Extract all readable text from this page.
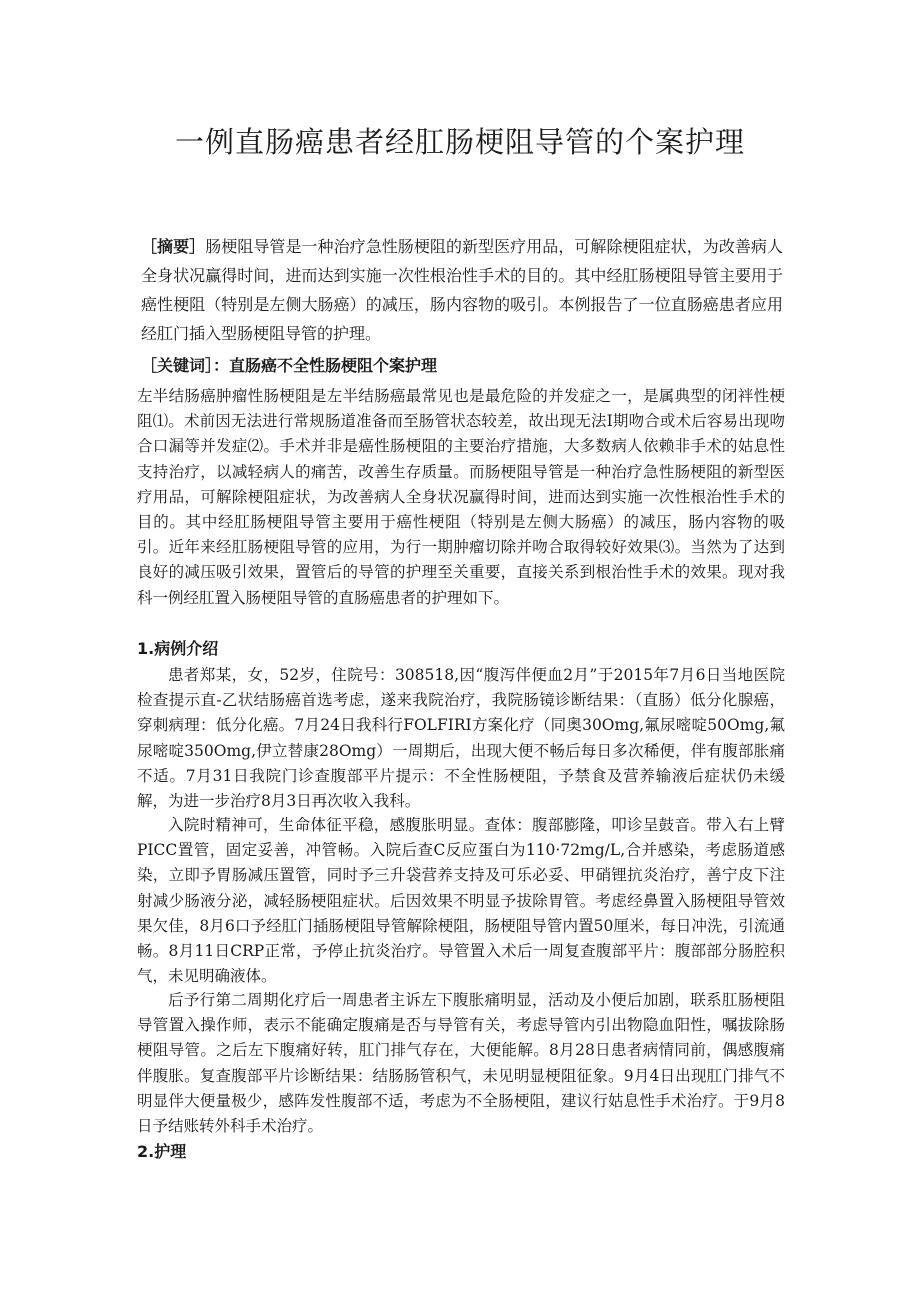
一例直肠癌患者经肛肠梗阻导管的个案护理

［摘要］肠梗阻导管是一种治疗急性肠梗阻的新型医疗用品，可解除梗阻症状，为改善病人全身状况赢得时间，进而达到实施一次性根治性手术的目的。其中经肛肠梗阻导管主要用于癌性梗阻（特别是左侧大肠癌）的减压，肠内容物的吸引。本例报告了一位直肠癌患者应用经肛门插入型肠梗阻导管的护理。

［关键词］：直肠癌不全性肠梗阻个案护理

左半结肠癌肿瘤性肠梗阻是左半结肠癌最常见也是最危险的并发症之一，是属典型的闭袢性梗阻⑴。术前因无法进行常规肠道准备而至肠管状态较差，故出现无法Ⅰ期吻合或术后容易出现吻合口漏等并发症⑵。手术并非是癌性肠梗阻的主要治疗措施，大多数病人依赖非手术的姑息性支持治疗，以减轻病人的痛苦，改善生存质量。而肠梗阻导管是一种治疗急性肠梗阻的新型医疗用品，可解除梗阻症状，为改善病人全身状况赢得时间，进而达到实施一次性根治性手术的目的。其中经肛肠梗阻导管主要用于癌性梗阻（特别是左侧大肠癌）的减压，肠内容物的吸引。近年来经肛肠梗阻导管的应用，为行一期肿瘤切除并吻合取得较好效果⑶。当然为了达到良好的减压吸引效果，置管后的导管的护理至关重要，直接关系到根治性手术的效果。现对我科一例经肛置入肠梗阻导管的直肠癌患者的护理如下。

1.病例介绍

患者郑某，女，52岁，住院号：308518,因“腹泻伴便血2月”于2015年7月6日当地医院检查提示直-乙状结肠癌首选考虑，遂来我院治疗，我院肠镜诊断结果：（直肠）低分化腺癌，穿刺病理：低分化癌。7月24日我科行FOLFIRI方案化疗（同奥30Omg,氟尿嘧啶50Omg,氟尿嘧啶350Omg,伊立替康28Omg）一周期后，出现大便不畅后每日多次稀便，伴有腹部胀痛不适。7月31日我院门诊查腹部平片提示：不全性肠梗阻，予禁食及营养输液后症状仍未缓解，为进一步治疗8月3日再次收入我科。

入院时精神可，生命体征平稳，感腹胀明显。查体：腹部膨隆，叩诊呈鼓音。带入右上臂PICC置管，固定妥善，冲管畅。入院后查C反应蛋白为110·72mg∕L,合并感染，考虑肠道感染，立即予胃肠减压置管，同时予三升袋营养支持及可乐必妥、甲硝锂抗炎治疗，善宁皮下注射减少肠液分泌，减轻肠梗阻症状。后因效果不明显予拔除胃管。考虑经鼻置入肠梗阻导管效果欠佳，8月6口予经肛门插肠梗阻导管解除梗阻，肠梗阻导管内置50厘米，每日冲洗，引流通畅。8月11日CRP正常，予停止抗炎治疗。导管置入术后一周复查腹部平片：腹部部分肠腔积气，未见明确液体。

后予行第二周期化疗后一周患者主诉左下腹胀痛明显，活动及小便后加剧，联系肛肠梗阻导管置入操作师，表示不能确定腹痛是否与导管有关，考虑导管内引出物隐血阳性，嘱拔除肠梗阻导管。之后左下腹痛好转，肛门排气存在，大便能解。8月28日患者病情同前，偶感腹痛伴腹胀。复查腹部平片诊断结果：结肠肠管积气，未见明显梗阻征象。9月4日出现肛门排气不明显伴大便量极少，感阵发性腹部不适，考虑为不全肠梗阻，建议行姑息性手术治疗。于9月8日予结账转外科手术治疗。

2.护理
